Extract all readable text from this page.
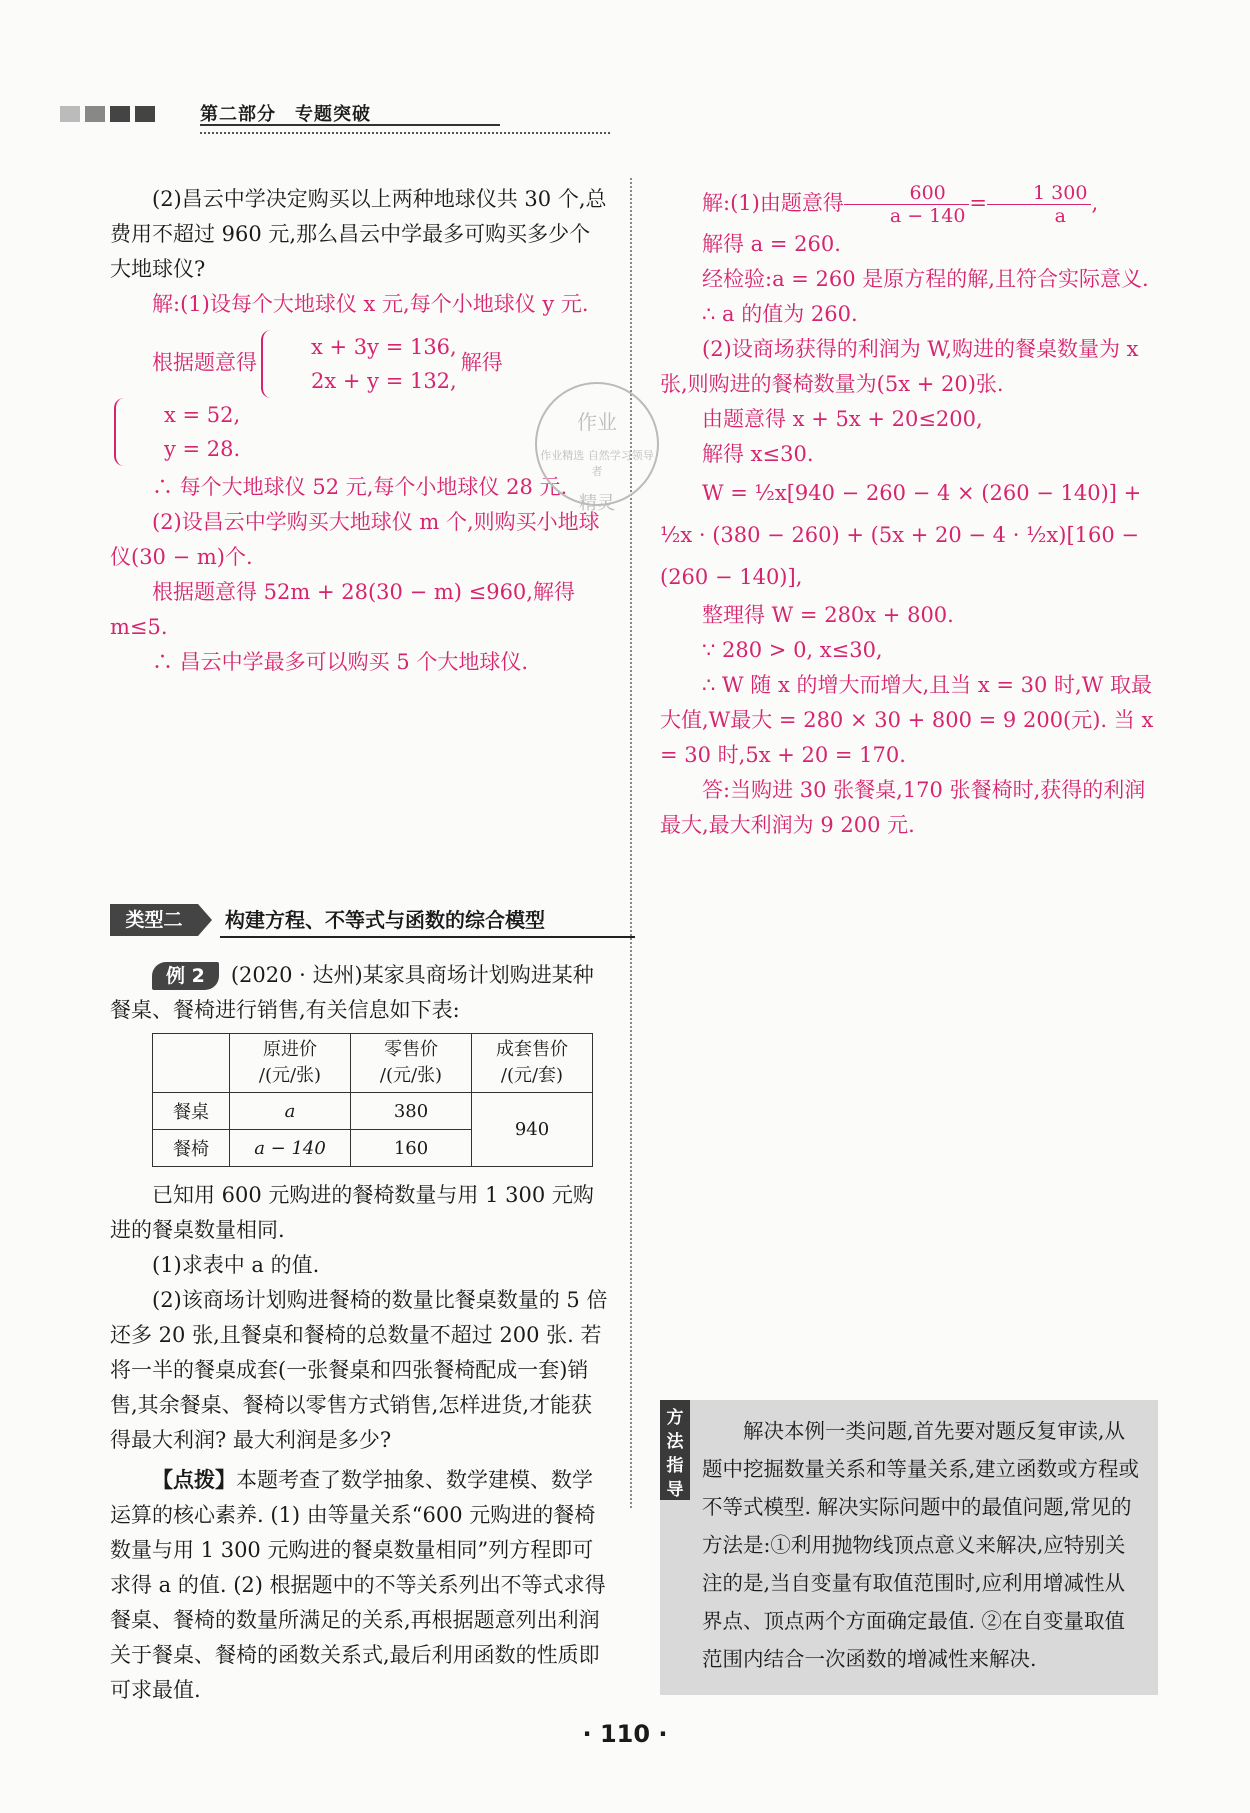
第二部分　专题突破

(2)昌云中学决定购买以上两种地球仪共 30 个,总费用不超过 960 元,那么昌云中学最多可购买多少个大地球仪?

解:(1)设每个大地球仪 x 元,每个小地球仪 y 元.

根据题意得
x + 3y = 136,
2x + y = 132,
解得
x = 52,
y = 28.

∴ 每个大地球仪 52 元,每个小地球仪 28 元.

(2)设昌云中学购买大地球仪 m 个,则购买小地球仪(30 − m)个.

根据题意得 52m + 28(30 − m) ≤960,解得 m≤5.

∴ 昌云中学最多可以购买 5 个大地球仪.

作业
作业精选 自然学习领导者
精灵
类型二	构建方程、不等式与函数的综合模型

例 2 (2020 · 达州)某家具商场计划购进某种餐桌、餐椅进行销售,有关信息如下表:

	原进价
/(元/张)	零售价
/(元/张)	成套售价
/(元/套)
餐桌	a	380	940
餐椅	a − 140	160	

已知用 600 元购进的餐椅数量与用 1 300 元购进的餐桌数量相同.

(1)求表中 a 的值.

(2)该商场计划购进餐椅的数量比餐桌数量的 5 倍还多 20 张,且餐桌和餐椅的总数量不超过 200 张. 若将一半的餐桌成套(一张餐桌和四张餐椅配成一套)销售,其余餐桌、餐椅以零售方式销售,怎样进货,才能获得最大利润? 最大利润是多少?

【点拨】本题考查了数学抽象、数学建模、数学运算的核心素养. (1) 由等量关系“600 元购进的餐椅数量与用 1 300 元购进的餐桌数量相同”列方程即可求得 a 的值. (2) 根据题中的不等关系列出不等式求得餐桌、餐椅的数量所满足的关系,再根据题意列出利润关于餐桌、餐椅的函数关系式,最后利用函数的性质即可求最值.

解:(1)由题意得 $\frac{600}{a - 140} = \frac{1 300}{a}$ ,

解得 a = 260.

经检验:a = 260 是原方程的解,且符合实际意义.

∴ a 的值为 260.

(2)设商场获得的利润为 W,购进的餐桌数量为 x 张,则购进的餐椅数量为(5x + 20)张.

由题意得 x + 5x + 20≤200,

解得 x≤30.

W = ½x[940 − 260 − 4 × (260 − 140)] + ½x · (380 − 260) + (5x + 20 − 4 · ½x)[160 − (260 − 140)],

整理得 W = 280x + 800.

∵ 280 > 0, x≤30,

∴ W 随 x 的增大而增大,且当 x = 30 时,W 取最大值,W最大 = 280 × 30 + 800 = 9 200(元). 当 x = 30 时,5x + 20 = 170.

答:当购进 30 张餐桌,170 张餐椅时,获得的利润最大,最大利润为 9 200 元.

方法指导
解决本例一类问题,首先要对题反复审读,从题中挖掘数量关系和等量关系,建立函数或方程或不等式模型. 解决实际问题中的最值问题,常见的方法是:①利用抛物线顶点意义来解决,应特别关注的是,当自变量有取值范围时,应利用增减性从界点、顶点两个方面确定最值. ②在自变量取值范围内结合一次函数的增减性来解决.
· 110 ·
